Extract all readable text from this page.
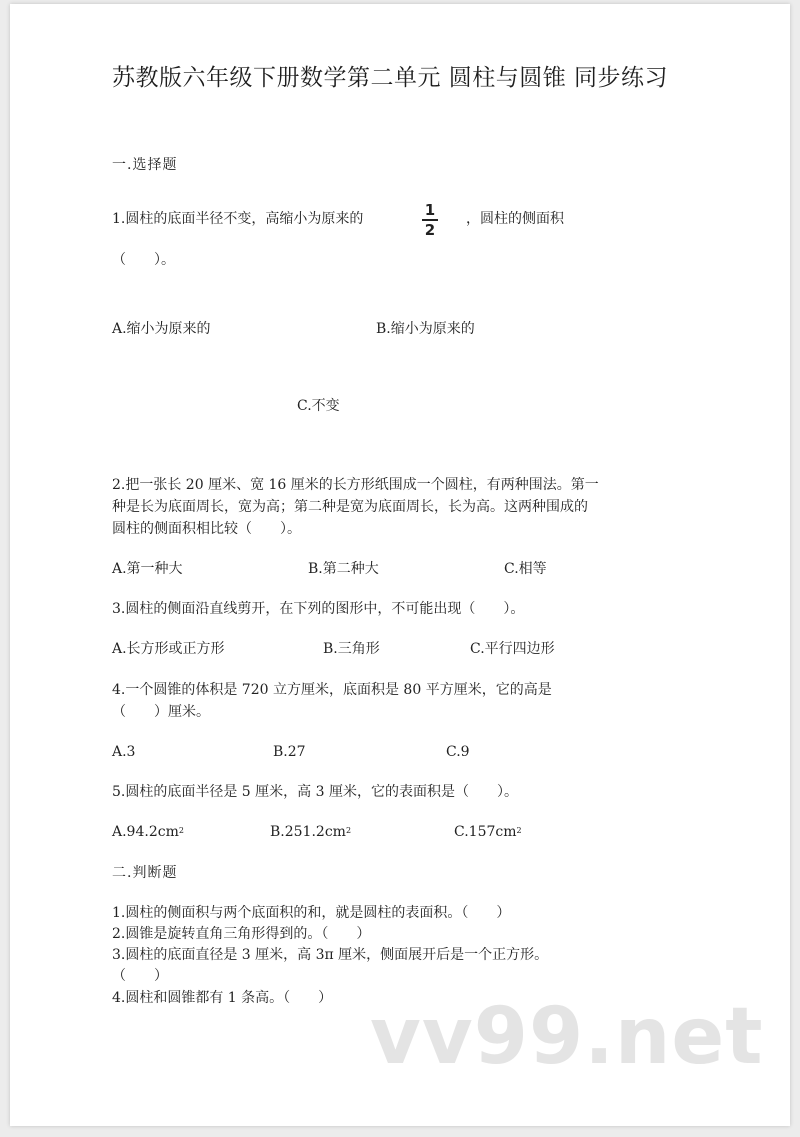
苏教版六年级下册数学第二单元 圆柱与圆锥 同步练习
一.选择题
1.圆柱的底面半径不变，高缩小为原来的	1
2
，圆柱的侧面积
（　　）。
A.缩小为原来的	B.缩小为原来的
C.不变
2.把一张长 20 厘米、宽 16 厘米的长方形纸围成一个圆柱，有两种围法。第一
种是长为底面周长，宽为高；第二种是宽为底面周长，长为高。这两种围成的
圆柱的侧面积相比较（　　）。
A.第一种大	B.第二种大	C.相等
3.圆柱的侧面沿直线剪开，在下列的图形中，不可能出现（　　）。
A.长方形或正方形	B.三角形	C.平行四边形
4.一个圆锥的体积是 720 立方厘米，底面积是 80 平方厘米，它的高是
（　　）厘米。
A.3	B.27	C.9
5.圆柱的底面半径是 5 厘米，高 3 厘米，它的表面积是（　　）。
$A.94.2cm^2$	$B.251.2cm^2$	$C.157cm^2$
二.判断题
1.圆柱的侧面积与两个底面积的和，就是圆柱的表面积。（　　）
2.圆锥是旋转直角三角形得到的。（　　）
3.圆柱的底面直径是 3 厘米，高 3π 厘米，侧面展开后是一个正方形。
（　　）
4.圆柱和圆锥都有 1 条高。（　　） vv99.net
